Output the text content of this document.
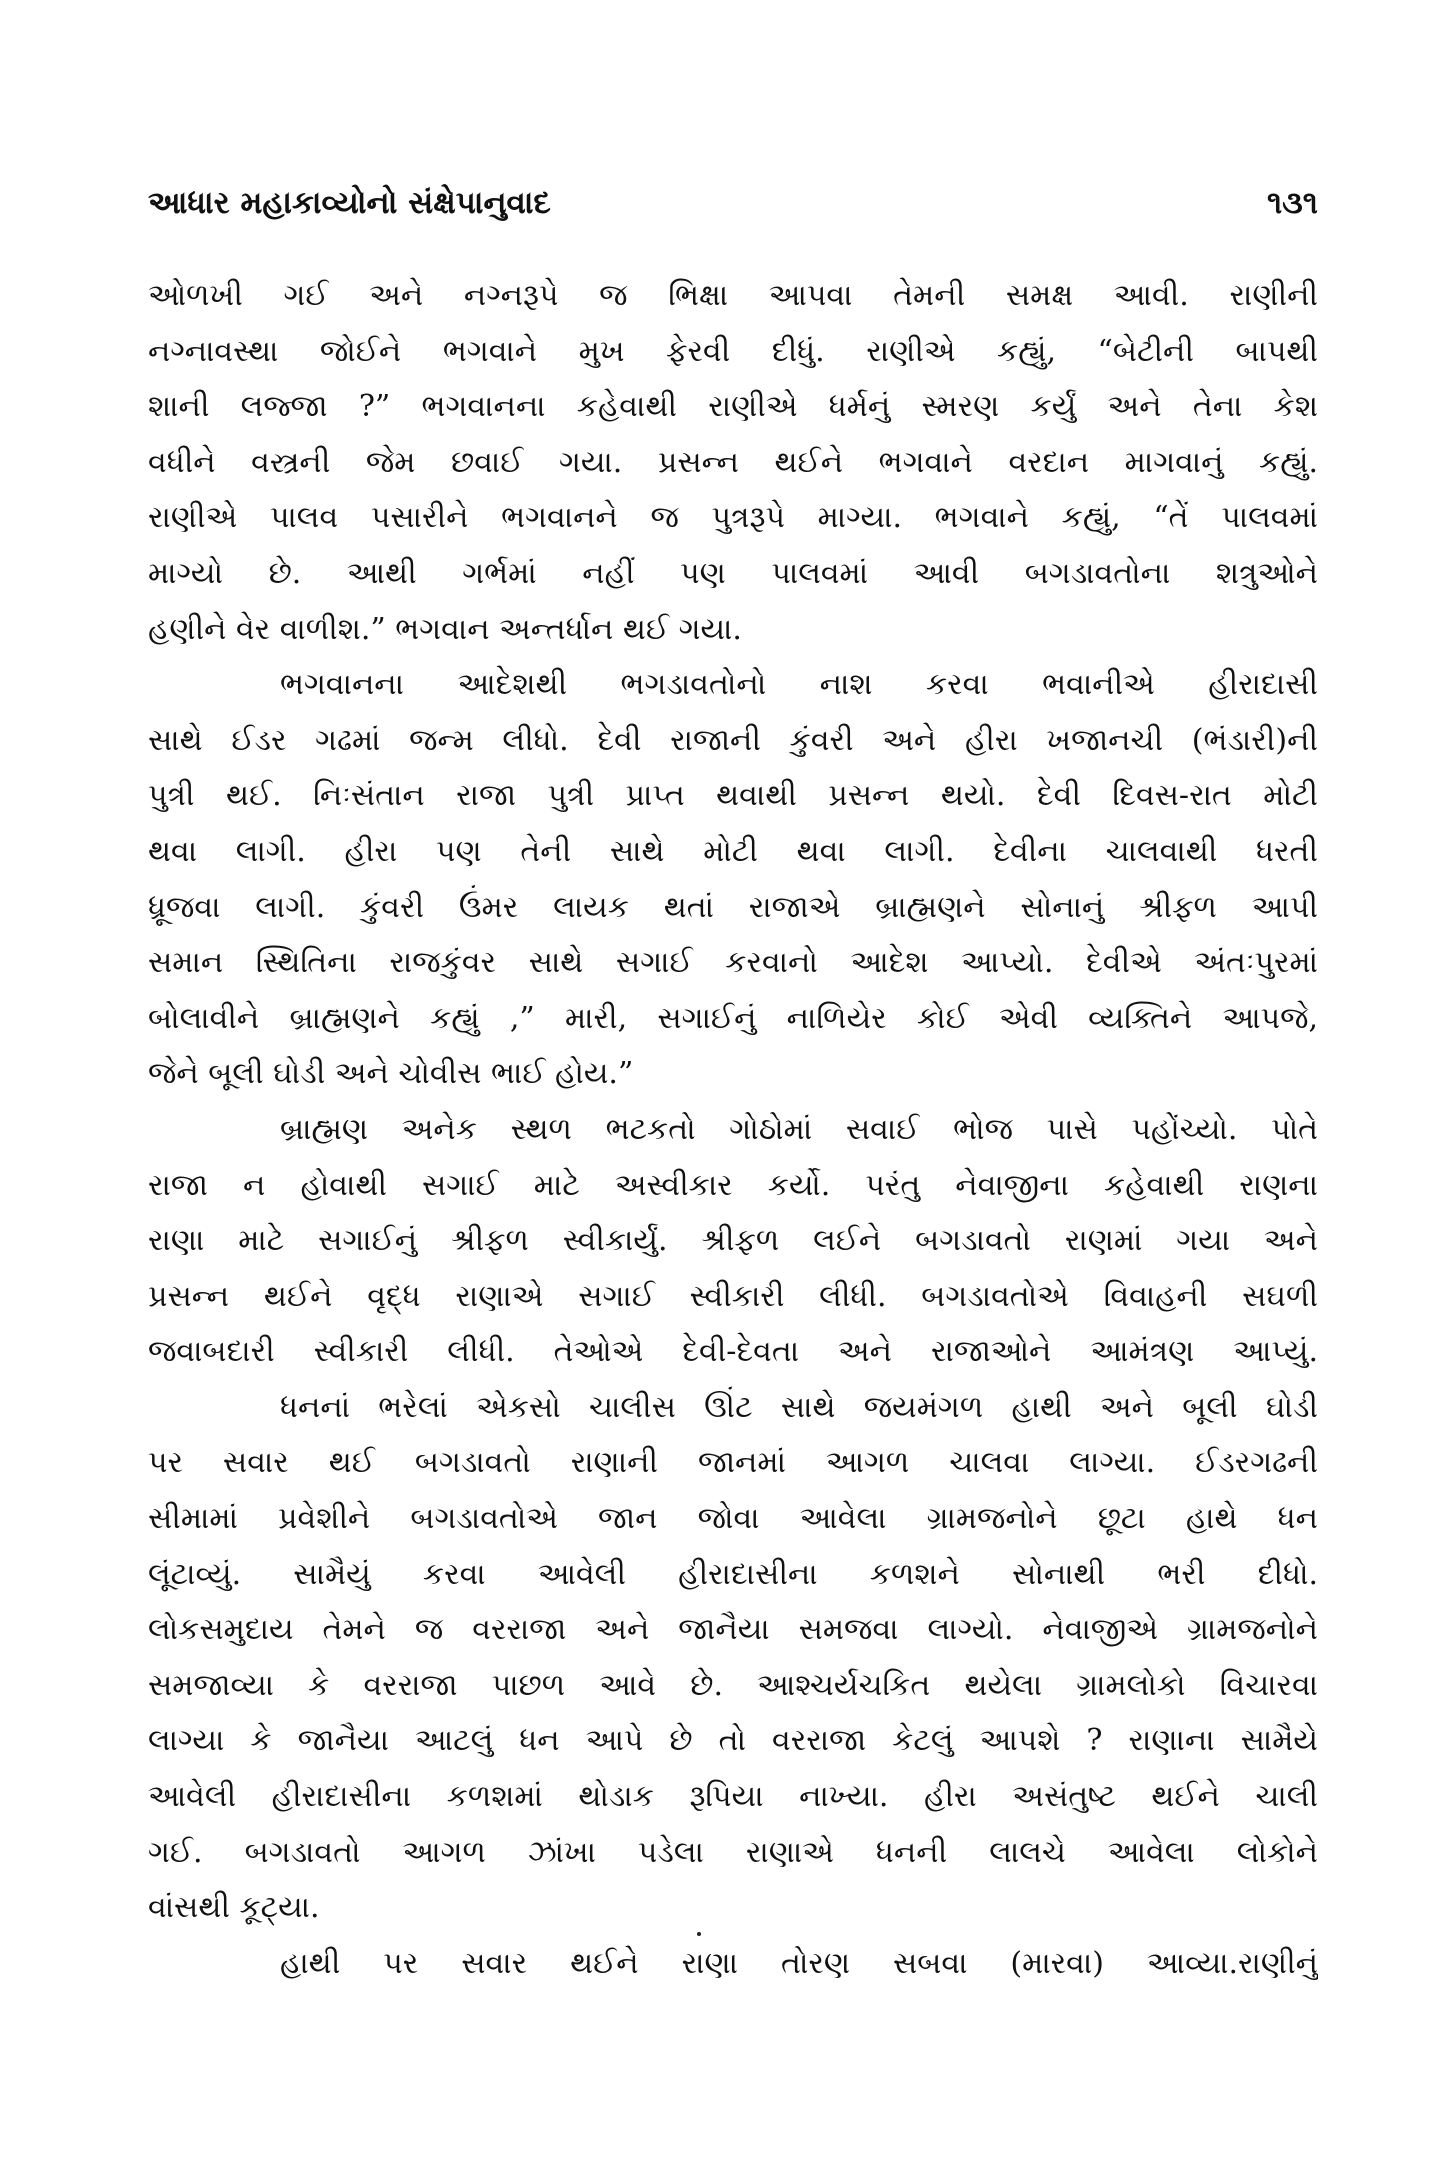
આધાર મહાકાવ્યોનો સંક્ષેપાનુવાદ	૧૩૧
ઓળખી ગઈ અને નગ્નરૂપે જ ભિક્ષા આપવા તેમની સમક્ષ આવી. રાણીની
નગ્નાવસ્થા જોઈને ભગવાને મુખ ફેરવી દીધું. રાણીએ કહ્યું, “બેટીની બાપથી
શાની લજ્જા ?” ભગવાનના કહેવાથી રાણીએ ધર્મનું સ્મરણ કર્યું અને તેના કેશ
વધીને વસ્ત્રની જેમ છવાઈ ગયા. પ્રસન્ન થઈને ભગવાને વરદાન માગવાનું કહ્યું.
રાણીએ પાલવ પસારીને ભગવાનને જ પુત્રરૂપે માગ્યા. ભગવાને કહ્યું, “તેં પાલવમાં
માગ્યો છે. આથી ગર્ભમાં નહીં પણ પાલવમાં આવી બગડાવતોના શત્રુઓને
હણીને વેર વાળીશ.” ભગવાન અન્તર્ધાન થઈ ગયા.
ભગવાનના આદેશથી ભગડાવતોનો નાશ કરવા ભવાનીએ હીરાદાસી
સાથે ઈડર ગઢમાં જન્મ લીધો. દેવી રાજાની કુંવરી અને હીરા ખજાનચી (ભંડારી)ની
પુત્રી થઈ. નિઃસંતાન રાજા પુત્રી પ્રાપ્ત થવાથી પ્રસન્ન થયો. દેવી દિવસ-રાત મોટી
થવા લાગી. હીરા પણ તેની સાથે મોટી થવા લાગી. દેવીના ચાલવાથી ધરતી
ધ્રૂજવા લાગી. કુંવરી ઉંમર લાયક થતાં રાજાએ બ્રાહ્મણને સોનાનું શ્રીફળ આપી
સમાન સ્થિતિના રાજકુંવર સાથે સગાઈ કરવાનો આદેશ આપ્યો. દેવીએ અંતઃપુરમાં
બોલાવીને બ્રાહ્મણને કહ્યું ,” મારી, સગાઈનું નાળિયેર કોઈ એવી વ્યક્તિને આપજે,
જેને બૂલી ઘોડી અને ચોવીસ ભાઈ હોય.”
બ્રાહ્મણ અનેક સ્થળ ભટકતો ગોઠોમાં સવાઈ ભોજ પાસે પહોંચ્યો. પોતે
રાજા ન હોવાથી સગાઈ માટે અસ્વીકાર કર્યો. પરંતુ નેવાજીના કહેવાથી રાણના
રાણા માટે સગાઈનું શ્રીફળ સ્વીકાર્યું. શ્રીફળ લઈને બગડાવતો રાણમાં ગયા અને
પ્રસન્ન થઈને વૃદ્ધ રાણાએ સગાઈ સ્વીકારી લીધી. બગડાવતોએ વિવાહની સઘળી
જવાબદારી સ્વીકારી લીધી. તેઓએ દેવી-દેવતા અને રાજાઓને આમંત્રણ આપ્યું.
ધનનાં ભરેલાં એકસો ચાલીસ ઊંટ સાથે જયમંગળ હાથી અને બૂલી ઘોડી
પર સવાર થઈ બગડાવતો રાણાની જાનમાં આગળ ચાલવા લાગ્યા. ઈડરગઢની
સીમામાં પ્રવેશીને બગડાવતોએ જાન જોવા આવેલા ગ્રામજનોને છૂટા હાથે ધન
લૂંટાવ્યું. સામૈયું કરવા આવેલી હીરાદાસીના કળશને સોનાથી ભરી દીધો.
લોકસમુદાય તેમને જ વરરાજા અને જાનૈયા સમજવા લાગ્યો. નેવાજીએ ગ્રામજનોને
સમજાવ્યા કે વરરાજા પાછળ આવે છે. આશ્ચર્યચકિત થયેલા ગ્રામલોકો વિચારવા
લાગ્યા કે જાનૈયા આટલું ધન આપે છે તો વરરાજા કેટલું આપશે ? રાણાના સામૈયે
આવેલી હીરાદાસીના કળશમાં થોડાક રૂપિયા નાખ્યા. હીરા અસંતુષ્ટ થઈને ચાલી
ગઈ. બગડાવતો આગળ ઝાંખા પડેલા રાણાએ ધનની લાલચે આવેલા લોકોને
વાંસથી કૂટ્યા.
હાથી પર સવાર થઈને રાણા તોરણ સબવા (મારવા) આવ્યા.રાણીનું
